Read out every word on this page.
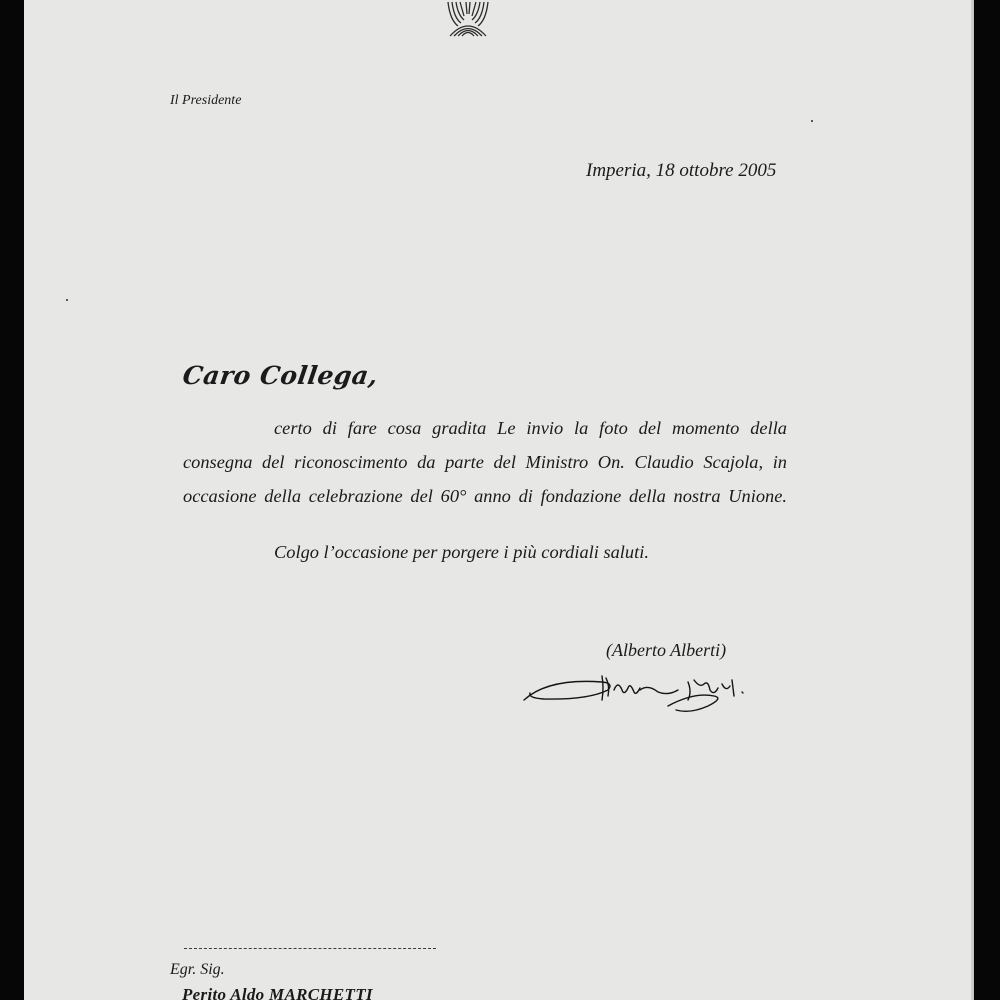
Il Presidente
Imperia, 18 ottobre 2005
Caro Collega,
certo di fare cosa gradita Le invio la foto del momento della
consegna del riconoscimento da parte del Ministro On. Claudio Scajola, in
occasione della celebrazione del 60° anno di fondazione della nostra Unione.
Colgo l’occasione per porgere i più cordiali saluti.
(Alberto Alberti)
Egr. Sig.
Perito Aldo MARCHETTI
